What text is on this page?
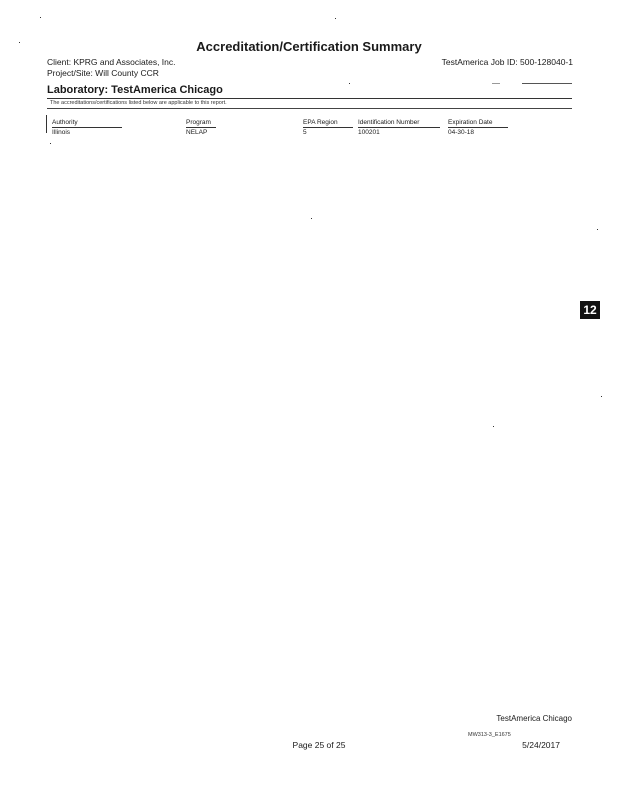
Accreditation/Certification Summary
Client: KPRG and Associates, Inc.	TestAmerica Job ID: 500-128040-1
Project/Site: Will County CCR
Laboratory: TestAmerica Chicago
The accreditations/certifications listed below are applicable to this report.
Authority	Program	EPA Region	Identification Number	Expiration Date
Illinois	NELAP	5	100201	04-30-18
12
TestAmerica Chicago
MW313-3_E1675
Page 25 of 25	5/24/2017
